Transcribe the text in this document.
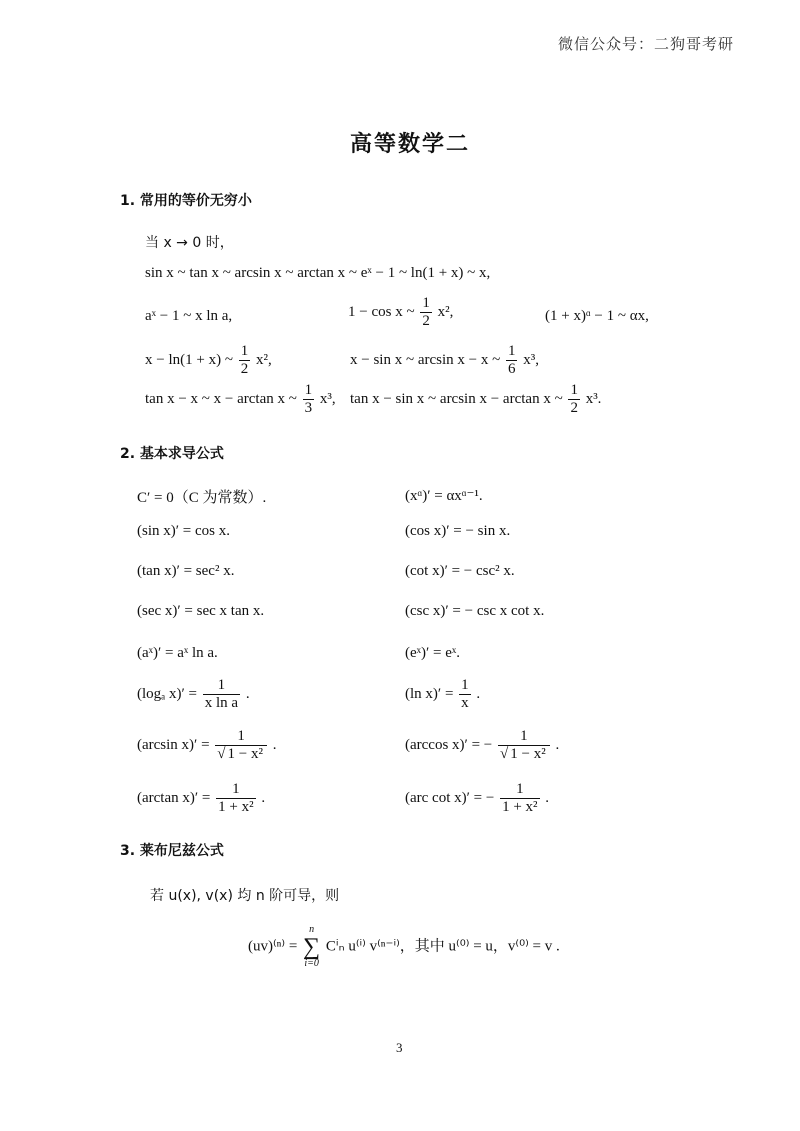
微信公众号：二狗哥考研
高等数学二
1. 常用的等价无穷小
当 x → 0 时，
sin x ~ tan x ~ arcsin x ~ arctan x ~ eˣ − 1 ~ ln(1 + x) ~ x,
aˣ − 1 ~ x ln a,	1 − cos x ~ $\frac{1}{2} x^2$,	(1 + x)ᵅ − 1 ~ αx,
x − ln(1 + x) ~ $\frac{1}{2} x^2$,	x − sin x ~ arcsin x − x ~ $\frac{1}{6} x^3$,
tan x − x ~ x − arctan x ~ $\frac{1}{3} x^3$, tan x − sin x ~ arcsin x − arctan x ~ $\frac{1}{2} x^3$.
2. 基本求导公式
C′ = 0（C 为常数）.	(xᵅ)′ = αxᵅ⁻¹.
(sin x)′ = cos x.	(cos x)′ = − sin x.
(tan x)′ = sec² x.	(cot x)′ = − csc² x.
(sec x)′ = sec x tan x.	(csc x)′ = − csc x cot x.
(aˣ)′ = aˣ ln a.	(eˣ)′ = eˣ.
(logₐ $x)' = \frac{1}{\text{x ln a}}$ .	(ln $x)' = \frac{1}{x}$ .
(arcsin $x)' = \frac{1}{\text{√ 1 − x²}}$ .	(arccos x)′ = − $\frac{1}{\text{√ 1 − x²}}$ .
(arctan $x)' = \frac{1}{\text{1 + x²}}$ .	(arc cot x)′ = − $\frac{1}{\text{1 + x²}}$ .
3. 莱布尼兹公式
若 u(x), v(x) 均 n 阶可导，则
(uv)⁽ⁿ⁾ =
n
∑
i=0
Cⁱₙ u⁽ⁱ⁾ v⁽ⁿ⁻ⁱ⁾，其中 u⁽⁰⁾ = u，v⁽⁰⁾ = v .
3
